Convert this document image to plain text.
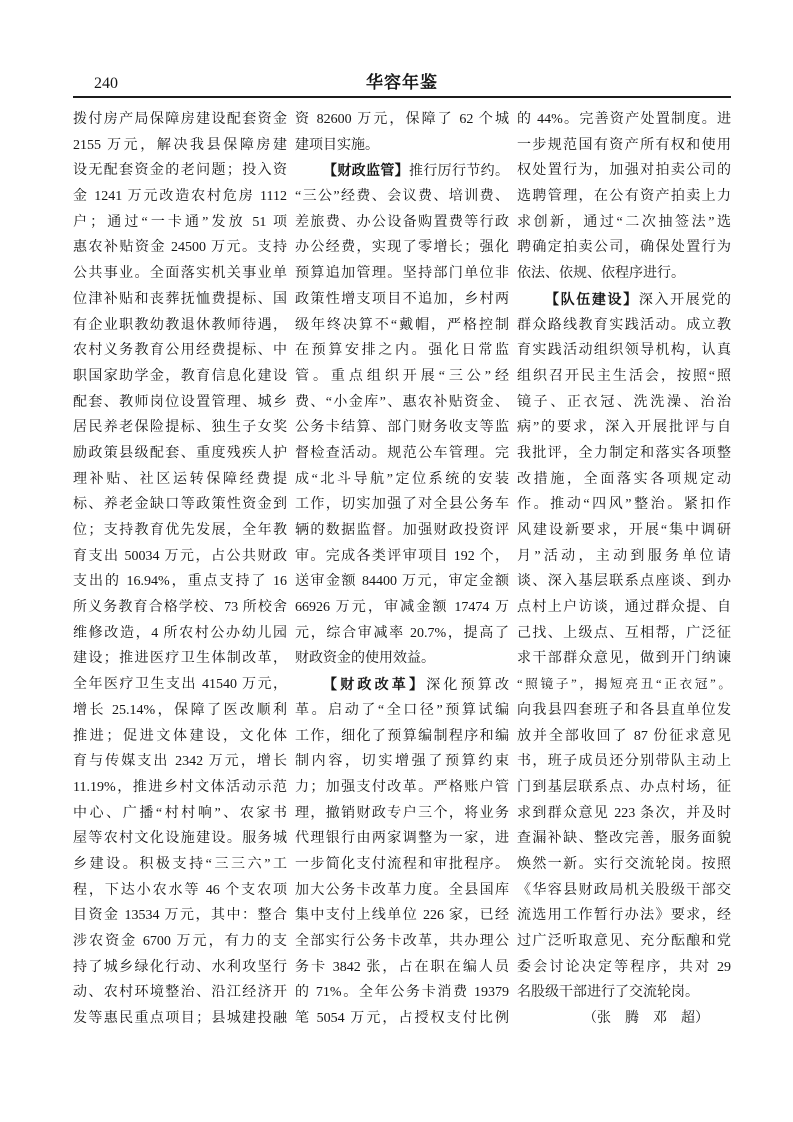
240	华容年鉴
拨付房产局保障房建设配套资金
2155 万元，解决我县保障房建
设无配套资金的老问题；投入资
金 1241 万元改造农村危房 1112
户；通过“一卡通”发放 51 项
惠农补贴资金 24500 万元。支持
公共事业。全面落实机关事业单
位津补贴和丧葬抚恤费提标、国
有企业职教幼教退休教师待遇，
农村义务教育公用经费提标、中
职国家助学金，教育信息化建设
配套、教师岗位设置管理、城乡
居民养老保险提标、独生子女奖
励政策县级配套、重度残疾人护
理补贴、社区运转保障经费提
标、养老金缺口等政策性资金到
位；支持教育优先发展，全年教
育支出 50034 万元，占公共财政
支出的 16.94%，重点支持了 16
所义务教育合格学校、73 所校舍
维修改造，4 所农村公办幼儿园
建设；推进医疗卫生体制改革，
全年医疗卫生支出 41540 万元，
增长 25.14%，保障了医改顺利
推进；促进文体建设，文化体
育与传媒支出 2342 万元，增长
11.19%，推进乡村文体活动示范
中心、广播“村村响”、农家书
屋等农村文化设施建设。服务城
乡建设。积极支持“三三六”工
程，下达小农水等 46 个支农项
目资金 13534 万元，其中：整合
涉农资金 6700 万元，有力的支
持了城乡绿化行动、水利攻坚行
动、农村环境整治、沿江经济开
发等惠民重点项目；县城建投融
资 82600 万元，保障了 62 个城
建项目实施。
【财政监管】推行厉行节约。
“三公”经费、会议费、培训费、
差旅费、办公设备购置费等行政
办公经费，实现了零增长；强化
预算追加管理。坚持部门单位非
政策性增支项目不追加，乡村两
级年终决算不“戴帽，严格控制
在预算安排之内。强化日常监
管。重点组织开展“三公”经
费、“小金库”、惠农补贴资金、
公务卡结算、部门财务收支等监
督检查活动。规范公车管理。完
成“北斗导航”定位系统的安装
工作，切实加强了对全县公务车
辆的数据监督。加强财政投资评
审。完成各类评审项目 192 个，
送审金额 84400 万元，审定金额
66926 万元，审减金额 17474 万
元，综合审减率 20.7%，提高了
财政资金的使用效益。
【财政改革】深化预算改
革。启动了“全口径”预算试编
工作，细化了预算编制程序和编
制内容，切实增强了预算约束
力；加强支付改革。严格账户管
理，撤销财政专户三个，将业务
代理银行由两家调整为一家，进
一步简化支付流程和审批程序。
加大公务卡改革力度。全县国库
集中支付上线单位 226 家，已经
全部实行公务卡改革，共办理公
务卡 3842 张，占在职在编人员
的 71%。全年公务卡消费 19379
笔 5054 万元，占授权支付比例
的 44%。完善资产处置制度。进
一步规范国有资产所有权和使用
权处置行为，加强对拍卖公司的
选聘管理，在公有资产拍卖上力
求创新，通过“二次抽签法”选
聘确定拍卖公司，确保处置行为
依法、依规、依程序进行。
【队伍建设】深入开展党的
群众路线教育实践活动。成立教
育实践活动组织领导机构，认真
组织召开民主生活会，按照“照
镜子、正衣冠、洗洗澡、治治
病”的要求，深入开展批评与自
我批评，全力制定和落实各项整
改措施，全面落实各项规定动
作。推动“四风”整治。紧扣作
风建设新要求，开展“集中调研
月”活动，主动到服务单位请
谈、深入基层联系点座谈、到办
点村上户访谈，通过群众提、自
己找、上级点、互相帮，广泛征
求干部群众意见，做到开门纳谏
“照镜子”，揭短亮丑“正衣冠”。
向我县四套班子和各县直单位发
放并全部收回了 87 份征求意见
书，班子成员还分别带队主动上
门到基层联系点、办点村场，征
求到群众意见 223 条次，并及时
查漏补缺、整改完善，服务面貌
焕然一新。实行交流轮岗。按照
《华容县财政局机关股级干部交
流选用工作暂行办法》要求，经
过广泛听取意见、充分酝酿和党
委会讨论决定等程序，共对 29
名股级干部进行了交流轮岗。
（张　腾　邓　超）
